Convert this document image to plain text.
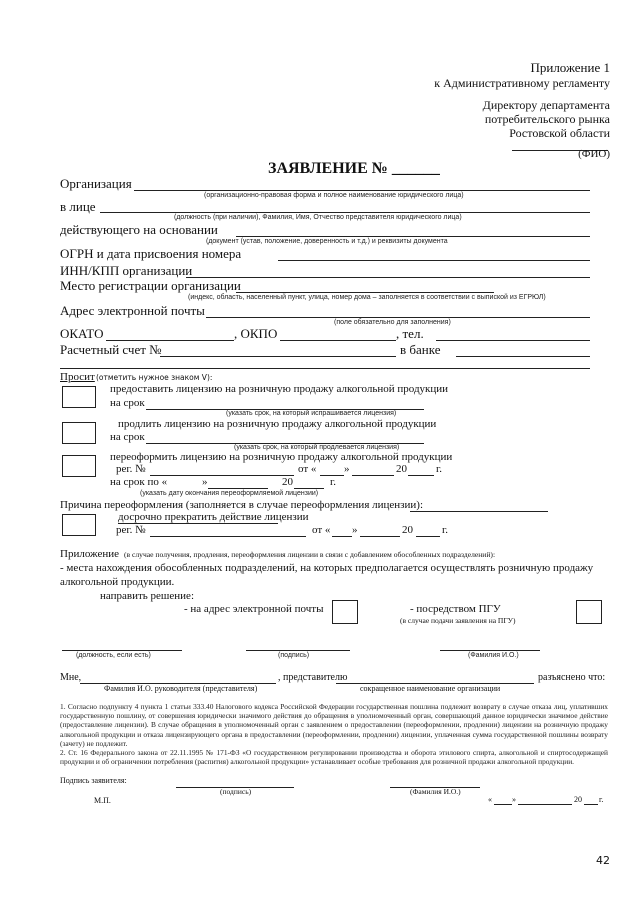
Приложение 1
к Административному регламенту
Директору департамента
потребительского рынка
Ростовской области
(ФИО)
ЗАЯВЛЕНИЕ № ______
Организация
(организационно-правовая форма и полное наименование юридического лица)
в лице
(должность (при наличии), Фамилия, Имя, Отчество представителя юридического лица)
действующего на основании
(документ (устав, положение, доверенность и т.д.) и реквизиты документа
ОГРН и дата присвоения номера
ИНН/КПП организации
Место регистрации организации
(индекс, область, населенный пункт, улица, номер дома – заполняется в соответствии с выпиской из ЕГРЮЛ)
Адрес электронной почты
(поле обязательно для заполнения)
ОКАТО	, ОКПО	, тел.
Расчетный счет №	в банке
Просит (отметить нужное знаком V):
предоставить лицензию на розничную продажу алкогольной продукции
на срок
(указать срок, на который испрашивается лицензия)
продлить лицензию на розничную продажу алкогольной продукции
на срок
(указать срок, на который продлевается лицензия)
переоформить лицензию на розничную продажу алкогольной продукции
рег. №	от «	»	20	г.
на срок по «	»	20	г.
(указать дату окончания переоформляемой лицензии)
Причина переоформления (заполняется в случае переоформления лицензии):
досрочно прекратить действие лицензии
рег. №	от « »	20	г.
Приложение (в случае получения, продления, переоформления лицензии в связи с добавлением обособленных подразделений):
- места нахождения обособленных подразделений, на которых предполагается осуществлять розничную продажу
алкогольной продукции.
направить решение:
- на адрес электронной почты	- посредством ПГУ
(в случае подачи заявления на ПГУ)
(должность, если есть)	(подпись)	(Фамилия И.О.)
Мне,	, представителю	разъяснено что:
Фамилия И.О. руководителя (представителя)	сокращенное наименование организации
1. Согласно подпункту 4 пункта 1 статьи 333.40 Налогового кодекса Российской Федерации государственная пошлина подлежит возврату в случае отказа лиц, уплативших государственную пошлину, от совершения юридически значимого действия до обращения в уполномоченный орган, совершающий данное юридически значимое действие (предоставление лицензии). В случае обращения в уполномоченный орган с заявлением о предоставлении (переоформлении, продлении) лицензии на розничную продажу алкогольной продукции и отказа лицензирующего органа в предоставлении (переоформлении, продлении) лицензии, уплаченная сумма государственной пошлины возврату (зачету) не подлежит.
2. Ст. 16 Федерального закона от 22.11.1995 № 171-ФЗ «О государственном регулировании производства и оборота этилового спирта, алкогольной и спиртосодержащей продукции и об ограничении потребления (распития) алкогольной продукции» устанавливает особые требования для розничной продажи алкогольной продукции.
Подпись заявителя:
(подпись)	(Фамилия И.О.)
М.П.	«	»	20 г.
42
